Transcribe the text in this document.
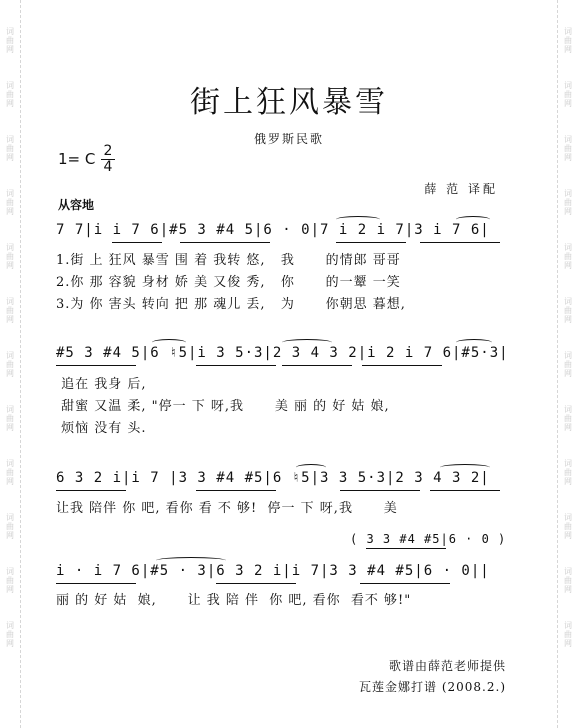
词
曲
网
词
曲
网
词
曲
网
词
曲
网
词
曲
网
词
曲
网
词
曲
网
词
曲
网
词
曲
网
词
曲
网
词
曲
网
词
曲
网
词
曲
网
词
曲
网
词
曲
网
词
曲
网
词
曲
网
词
曲
网
词
曲
网
词
曲
网
词
曲
网
词
曲
网
词
曲
网
词
曲
网
街上狂风暴雪
俄罗斯民歌
1= C 2
4
薛 范 译配
从容地
7 7|i i 7 6|#5 3 #4 5|6 · 0|7 i 2 i 7|3 i 7 6|
1.街 上 狂风 暴雪 围 着 我转 悠,   我      的情郎 哥哥
2.你 那 容貌 身材 娇 美 又俊 秀,   你      的一颦 一笑
3.为 你 害头 转向 把 那 魂儿 丢,   为      你朝思 暮想,
#5 3 #4 5|6 ♮5|i 3 5·3|2 3 4 3 2|i 2 i 7 6|#5·3|
追在 我身 后,
甜蜜 又温 柔, "停一 下 呀,我      美 丽 的 好 姑 娘,
烦恼 没有 头.
6 3 2 i|i 7 |3 3 #4 #5|6 ♮5|3 3 5·3|2 3 4 3 2|
让我 陪伴 你 吧, 看你 看 不 够!  停一 下 呀,我      美
( 3 3 #4 #5|6 · 0 )
i · i 7 6|#5 · 3|6 3 2 i|i 7|3 3 #4 #5|6 · 0||
丽 的 好 姑  娘,      让 我 陪 伴  你 吧, 看你  看不 够!"
歌谱由薛范老师提供
瓦莲金娜打谱 (2008.2.)
